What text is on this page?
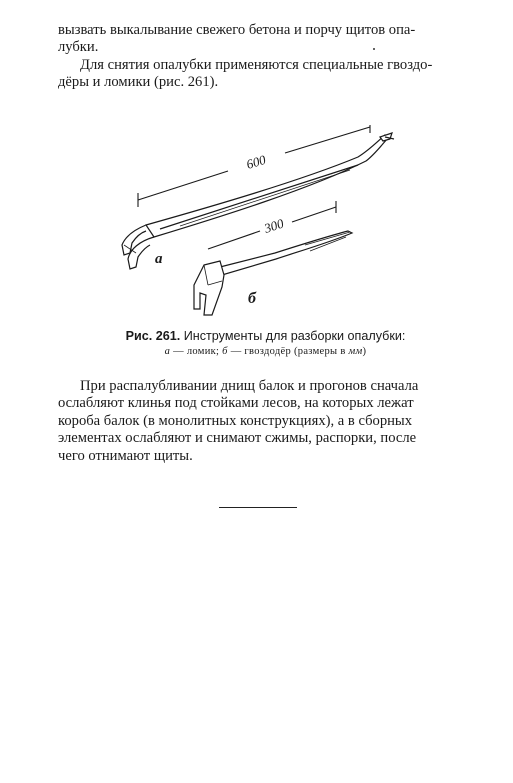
вызвать выкалывание свежего бетона и порчу щитов опа-
лубки.

Для снятия опалубки применяются специальные гвоздо-
дёры и ломики (рис. 261).

600
а
300
б
Рис. 261. Инструменты для разборки опалубки:
а — ломик; б — гвоздодёр (размеры в мм)

При распалубливании днищ балок и прогонов сначала
ослабляют клинья под стойками лесов, на которых лежат
короба балок (в монолитных конструкциях), а в сборных
элементах ослабляют и снимают сжимы, распорки, после
чего отнимают щиты.
